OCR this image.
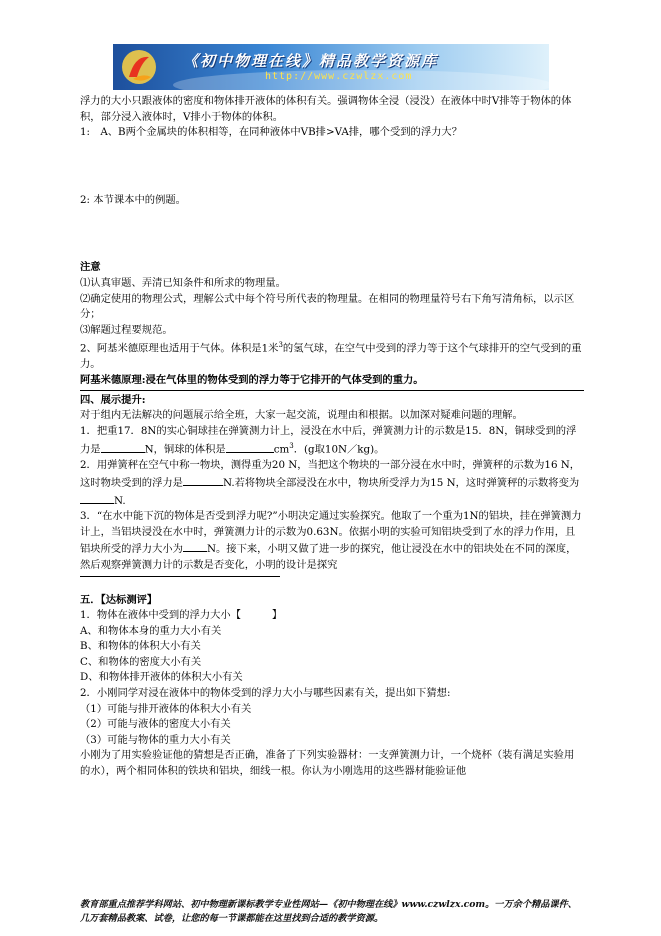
《初中物理在线》精品教学资源库
http://www.czwlzx.com

浮力的大小只跟液体的密度和物体排开液体的体积有关。强调物体全浸（浸没）在液体中时V排等于物体的体积，部分浸入液体时，V排小于物体的体积。

1:　A、B两个金属块的体积相等，在同种液体中VB排>VA排，哪个受到的浮力大？

2: 本节课本中的例题。

注意

⑴认真审题、弄清已知条件和所求的物理量。

⑵确定使用的物理公式，理解公式中每个符号所代表的物理量。在相同的物理量符号右下角写清角标，以示区分；

⑶解题过程要规范。

2、阿基米德原理也适用于气体。体积是1米$^3$的氢气球，在空气中受到的浮力等于这个气球排开的空气受到的重力。

阿基米德原理:浸在气体里的物体受到的浮力等于它排开的气体受到的重力。

四、展示提升:

对于组内无法解决的问题展示给全班，大家一起交流，说理由和根据。以加深对疑难问题的理解。

1．把重17．8N的实心铜球挂在弹簧测力计上，浸没在水中后，弹簧测力计的示数是15．8N，铜球受到的浮力是	N，铜球的体积是	$cm^3$．(g取10N／kg)。

2．用弹簧秤在空气中称一物块，测得重为20 N，当把这个物块的一部分浸在水中时，弹簧秤的示数为16 N，这时物块受到的浮力是	N.若将物块全部浸没在水中，物块所受浮力为15 N，这时弹簧秤的示数将变为N.

3．“在水中能下沉的物体是否受到浮力呢?”小明决定通过实验探究。他取了一个重为1N的铝块，挂在弹簧测力计上，当铝块浸没在水中时，弹簧测力计的示数为0.63N。依据小明的实验可知铝块受到了水的浮力作用，且铝块所受的浮力大小为 N。接下来，小明又做了进一步的探究，他让浸没在水中的铝块处在不同的深度，然后观察弹簧测力计的示数是否变化，小明的设计是探究

五．【达标测评】

1．物体在液体中受到的浮力大小【　　　】

A、和物体本身的重力大小有关

B、和物体的体积大小有关

C、和物体的密度大小有关

D、和物体排开液体的体积大小有关

2．小刚同学对浸在液体中的物体受到的浮力大小与哪些因素有关，提出如下猜想:

（1）可能与排开液体的体积大小有关

（2）可能与液体的密度大小有关

（3）可能与物体的重力大小有关

小刚为了用实验验证他的猜想是否正确，准备了下列实验器材：一支弹簧测力计，一个烧杯（装有满足实验用的水），两个相同体积的铁块和铝块，细线一根。你认为小刚选用的这些器材能验证他

教育部重点推荐学科网站、初中物理新课标教学专业性网站—《初中物理在线》www.czwlzx.com。一万余个精品课件、几万套精品教案、试卷，让您的每一节课都能在这里找到合适的教学资源。
